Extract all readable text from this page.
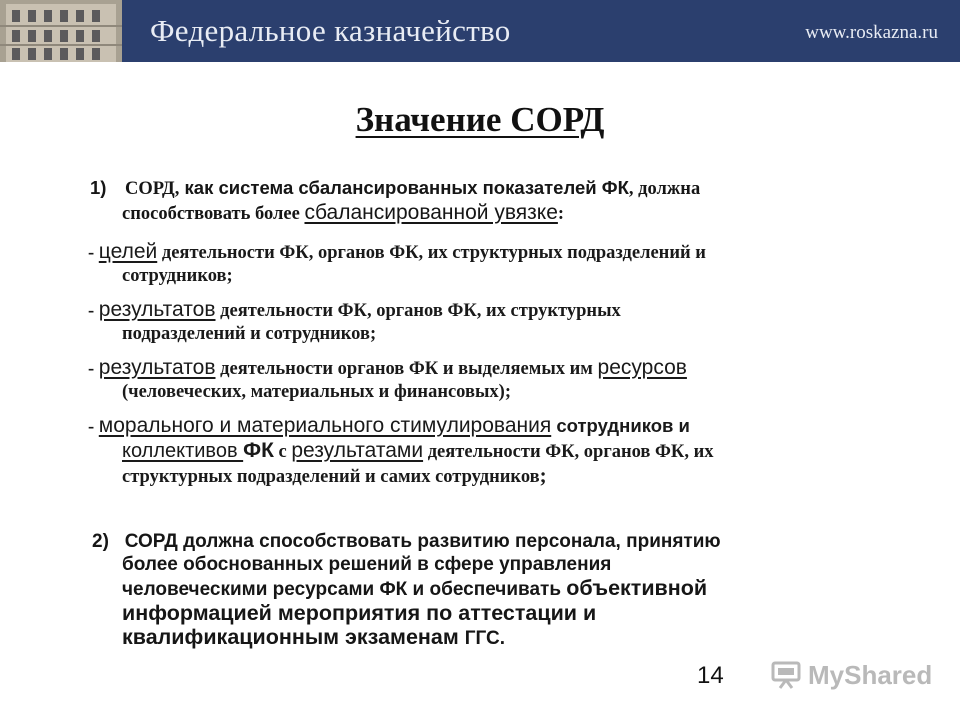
Федеральное казначейство	www.roskazna.ru
Значение СОРД
1) СОРД, как система сбалансированных показателей ФК, должна
способствовать более сбалансированной увязке:
- целей деятельности ФК, органов ФК, их структурных подразделений и
сотрудников;
- результатов деятельности ФК, органов ФК, их структурных
подразделений и сотрудников;
- результатов деятельности органов ФК и выделяемых им ресурсов
(человеческих, материальных и финансовых);
- морального и материального стимулирования сотрудников и
коллективов ФК с результатами деятельности ФК, органов ФК, их
структурных подразделений и самих сотрудников;
2) СОРД должна способствовать развитию персонала, принятию
более обоснованных решений в сфере управления
человеческими ресурсами ФК и обеспечивать объективной
информацией мероприятия по аттестации и
квалификационным экзаменам ГГС.
14	MyShared
